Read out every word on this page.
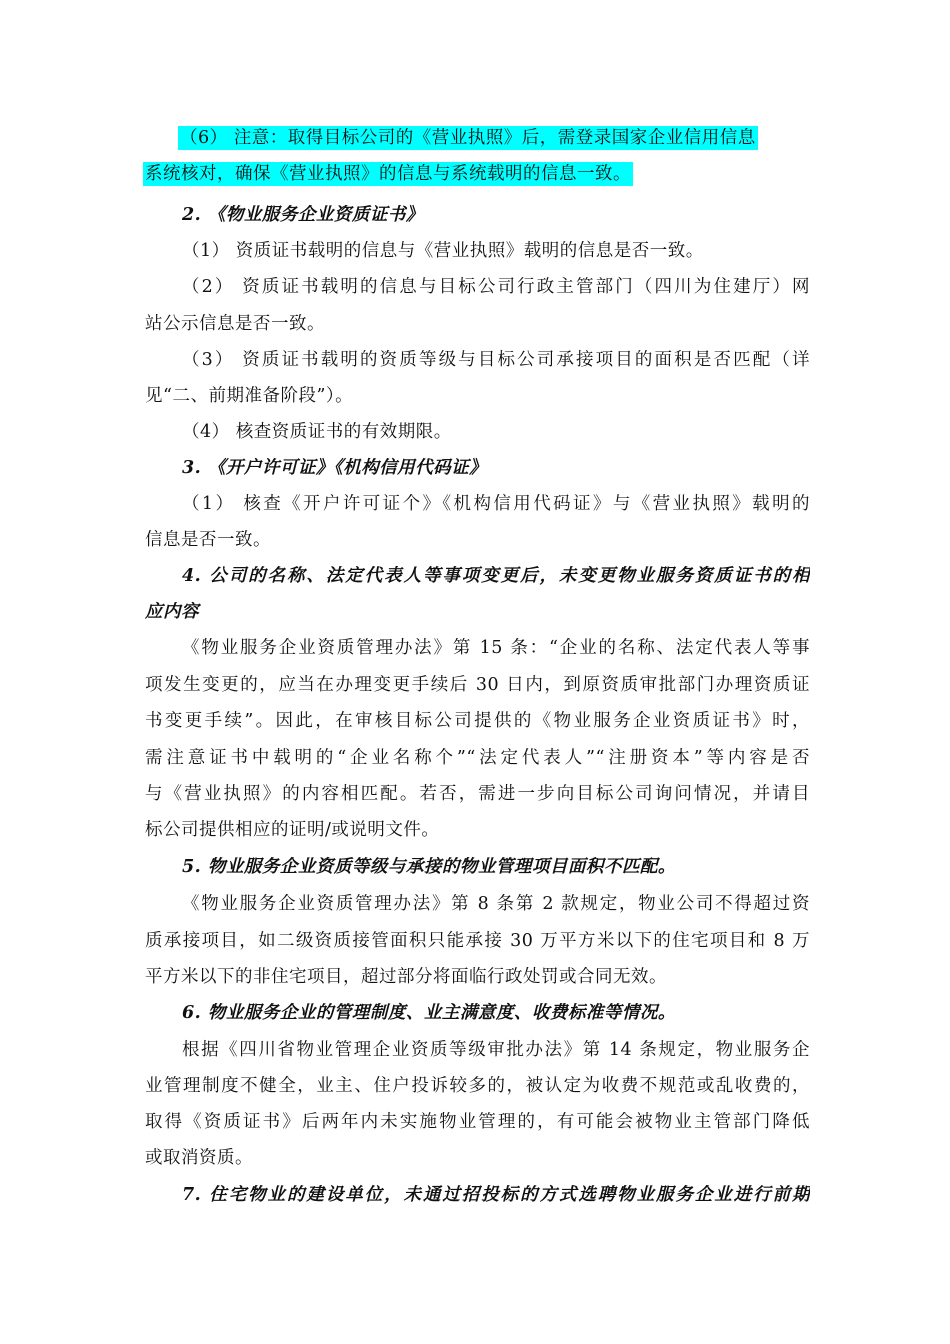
（6） 注意：取得目标公司的《营业执照》后，需登录国家企业信用信息
系统核对，确保《营业执照》的信息与系统载明的信息一致。
2. 《物业服务企业资质证书》
（1） 资质证书载明的信息与《营业执照》载明的信息是否一致。
（2） 资质证书载明的信息与目标公司行政主管部门（四川为住建厅）网
站公示信息是否一致。
（3） 资质证书载明的资质等级与目标公司承接项目的面积是否匹配（详
见“二、前期准备阶段”）。
（4） 核查资质证书的有效期限。
3. 《开户许可证》《机构信用代码证》
（1） 核查《开户许可证个》《机构信用代码证》与《营业执照》载明的
信息是否一致。
4. 公司的名称、法定代表人等事项变更后，未变更物业服务资质证书的相
应内容
《物业服务企业资质管理办法》第 15 条：“企业的名称、法定代表人等事
项发生变更的，应当在办理变更手续后 30 日内，到原资质审批部门办理资质证
书变更手续”。因此，在审核目标公司提供的《物业服务企业资质证书》时，
需注意证书中载明的“企业名称个”“法定代表人”“注册资本”等内容是否
与《营业执照》的内容相匹配。若否，需进一步向目标公司询问情况，并请目
标公司提供相应的证明/或说明文件。
5. 物业服务企业资质等级与承接的物业管理项目面积不匹配。
《物业服务企业资质管理办法》第 8 条第 2 款规定，物业公司不得超过资
质承接项目，如二级资质接管面积只能承接 30 万平方米以下的住宅项目和 8 万
平方米以下的非住宅项目，超过部分将面临行政处罚或合同无效。
6. 物业服务企业的管理制度、业主满意度、收费标准等情况。
根据《四川省物业管理企业资质等级审批办法》第 14 条规定，物业服务企
业管理制度不健全，业主、住户投诉较多的，被认定为收费不规范或乱收费的，
取得《资质证书》后两年内未实施物业管理的，有可能会被物业主管部门降低
或取消资质。
7. 住宅物业的建设单位，未通过招投标的方式选聘物业服务企业进行前期
